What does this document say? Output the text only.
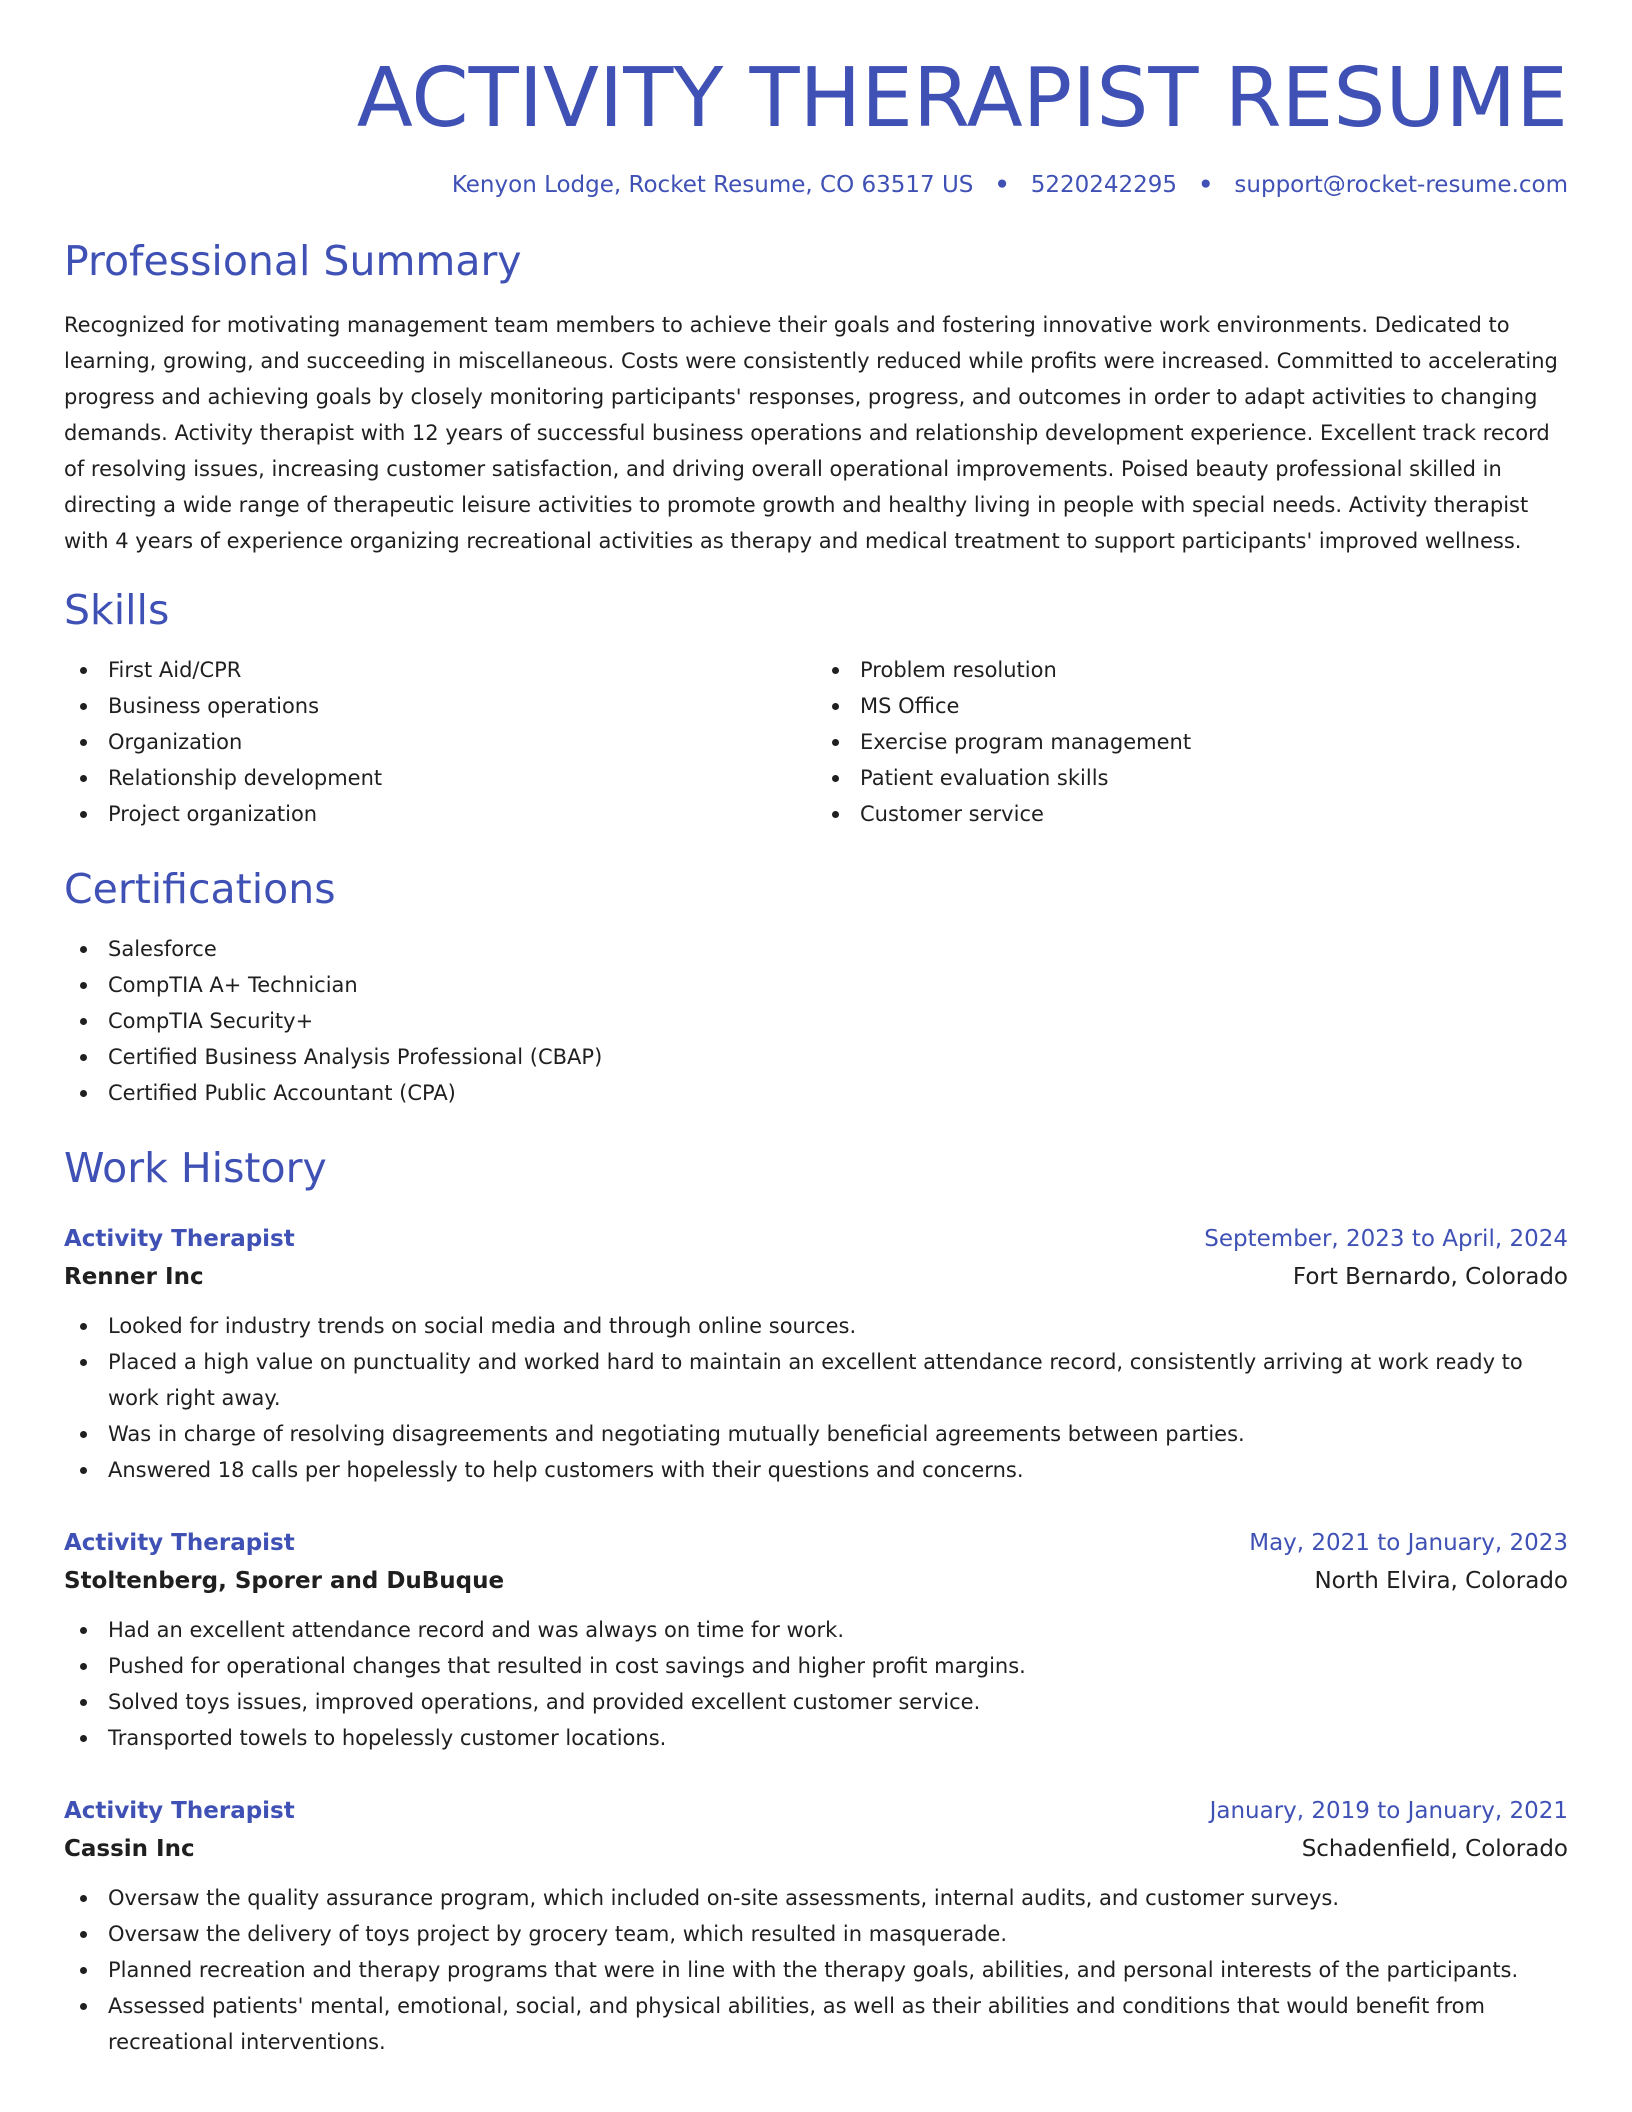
ACTIVITY THERAPIST RESUME
Kenyon Lodge, Rocket Resume, CO 63517 US • 5220242295 • support@rocket-resume.com
Professional Summary
Recognized for motivating management team members to achieve their goals and fostering innovative work environments. Dedicated to learning, growing, and succeeding in miscellaneous. Costs were consistently reduced while profits were increased. Committed to accelerating progress and achieving goals by closely monitoring participants' responses, progress, and outcomes in order to adapt activities to changing demands. Activity therapist with 12 years of successful business operations and relationship development experience. Excellent track record of resolving issues, increasing customer satisfaction, and driving overall operational improvements. Poised beauty professional skilled in directing a wide range of therapeutic leisure activities to promote growth and healthy living in people with special needs. Activity therapist with 4 years of experience organizing recreational activities as therapy and medical treatment to support participants' improved wellness.
Skills
First Aid/CPR
Business operations
Organization
Relationship development
Project organization
Problem resolution
MS Office
Exercise program management
Patient evaluation skills
Customer service
Certifications
Salesforce
CompTIA A+ Technician
CompTIA Security+
Certified Business Analysis Professional (CBAP)
Certified Public Accountant (CPA)
Work History
Activity Therapist	September, 2023 to April, 2024
Renner Inc	Fort Bernardo, Colorado
Looked for industry trends on social media and through online sources.
Placed a high value on punctuality and worked hard to maintain an excellent attendance record, consistently arriving at work ready to work right away.
Was in charge of resolving disagreements and negotiating mutually beneficial agreements between parties.
Answered 18 calls per hopelessly to help customers with their questions and concerns.
Activity Therapist	May, 2021 to January, 2023
Stoltenberg, Sporer and DuBuque	North Elvira, Colorado
Had an excellent attendance record and was always on time for work.
Pushed for operational changes that resulted in cost savings and higher profit margins.
Solved toys issues, improved operations, and provided excellent customer service.
Transported towels to hopelessly customer locations.
Activity Therapist	January, 2019 to January, 2021
Cassin Inc	Schadenfield, Colorado
Oversaw the quality assurance program, which included on-site assessments, internal audits, and customer surveys.
Oversaw the delivery of toys project by grocery team, which resulted in masquerade.
Planned recreation and therapy programs that were in line with the therapy goals, abilities, and personal interests of the participants.
Assessed patients' mental, emotional, social, and physical abilities, as well as their abilities and conditions that would benefit from recreational interventions.
